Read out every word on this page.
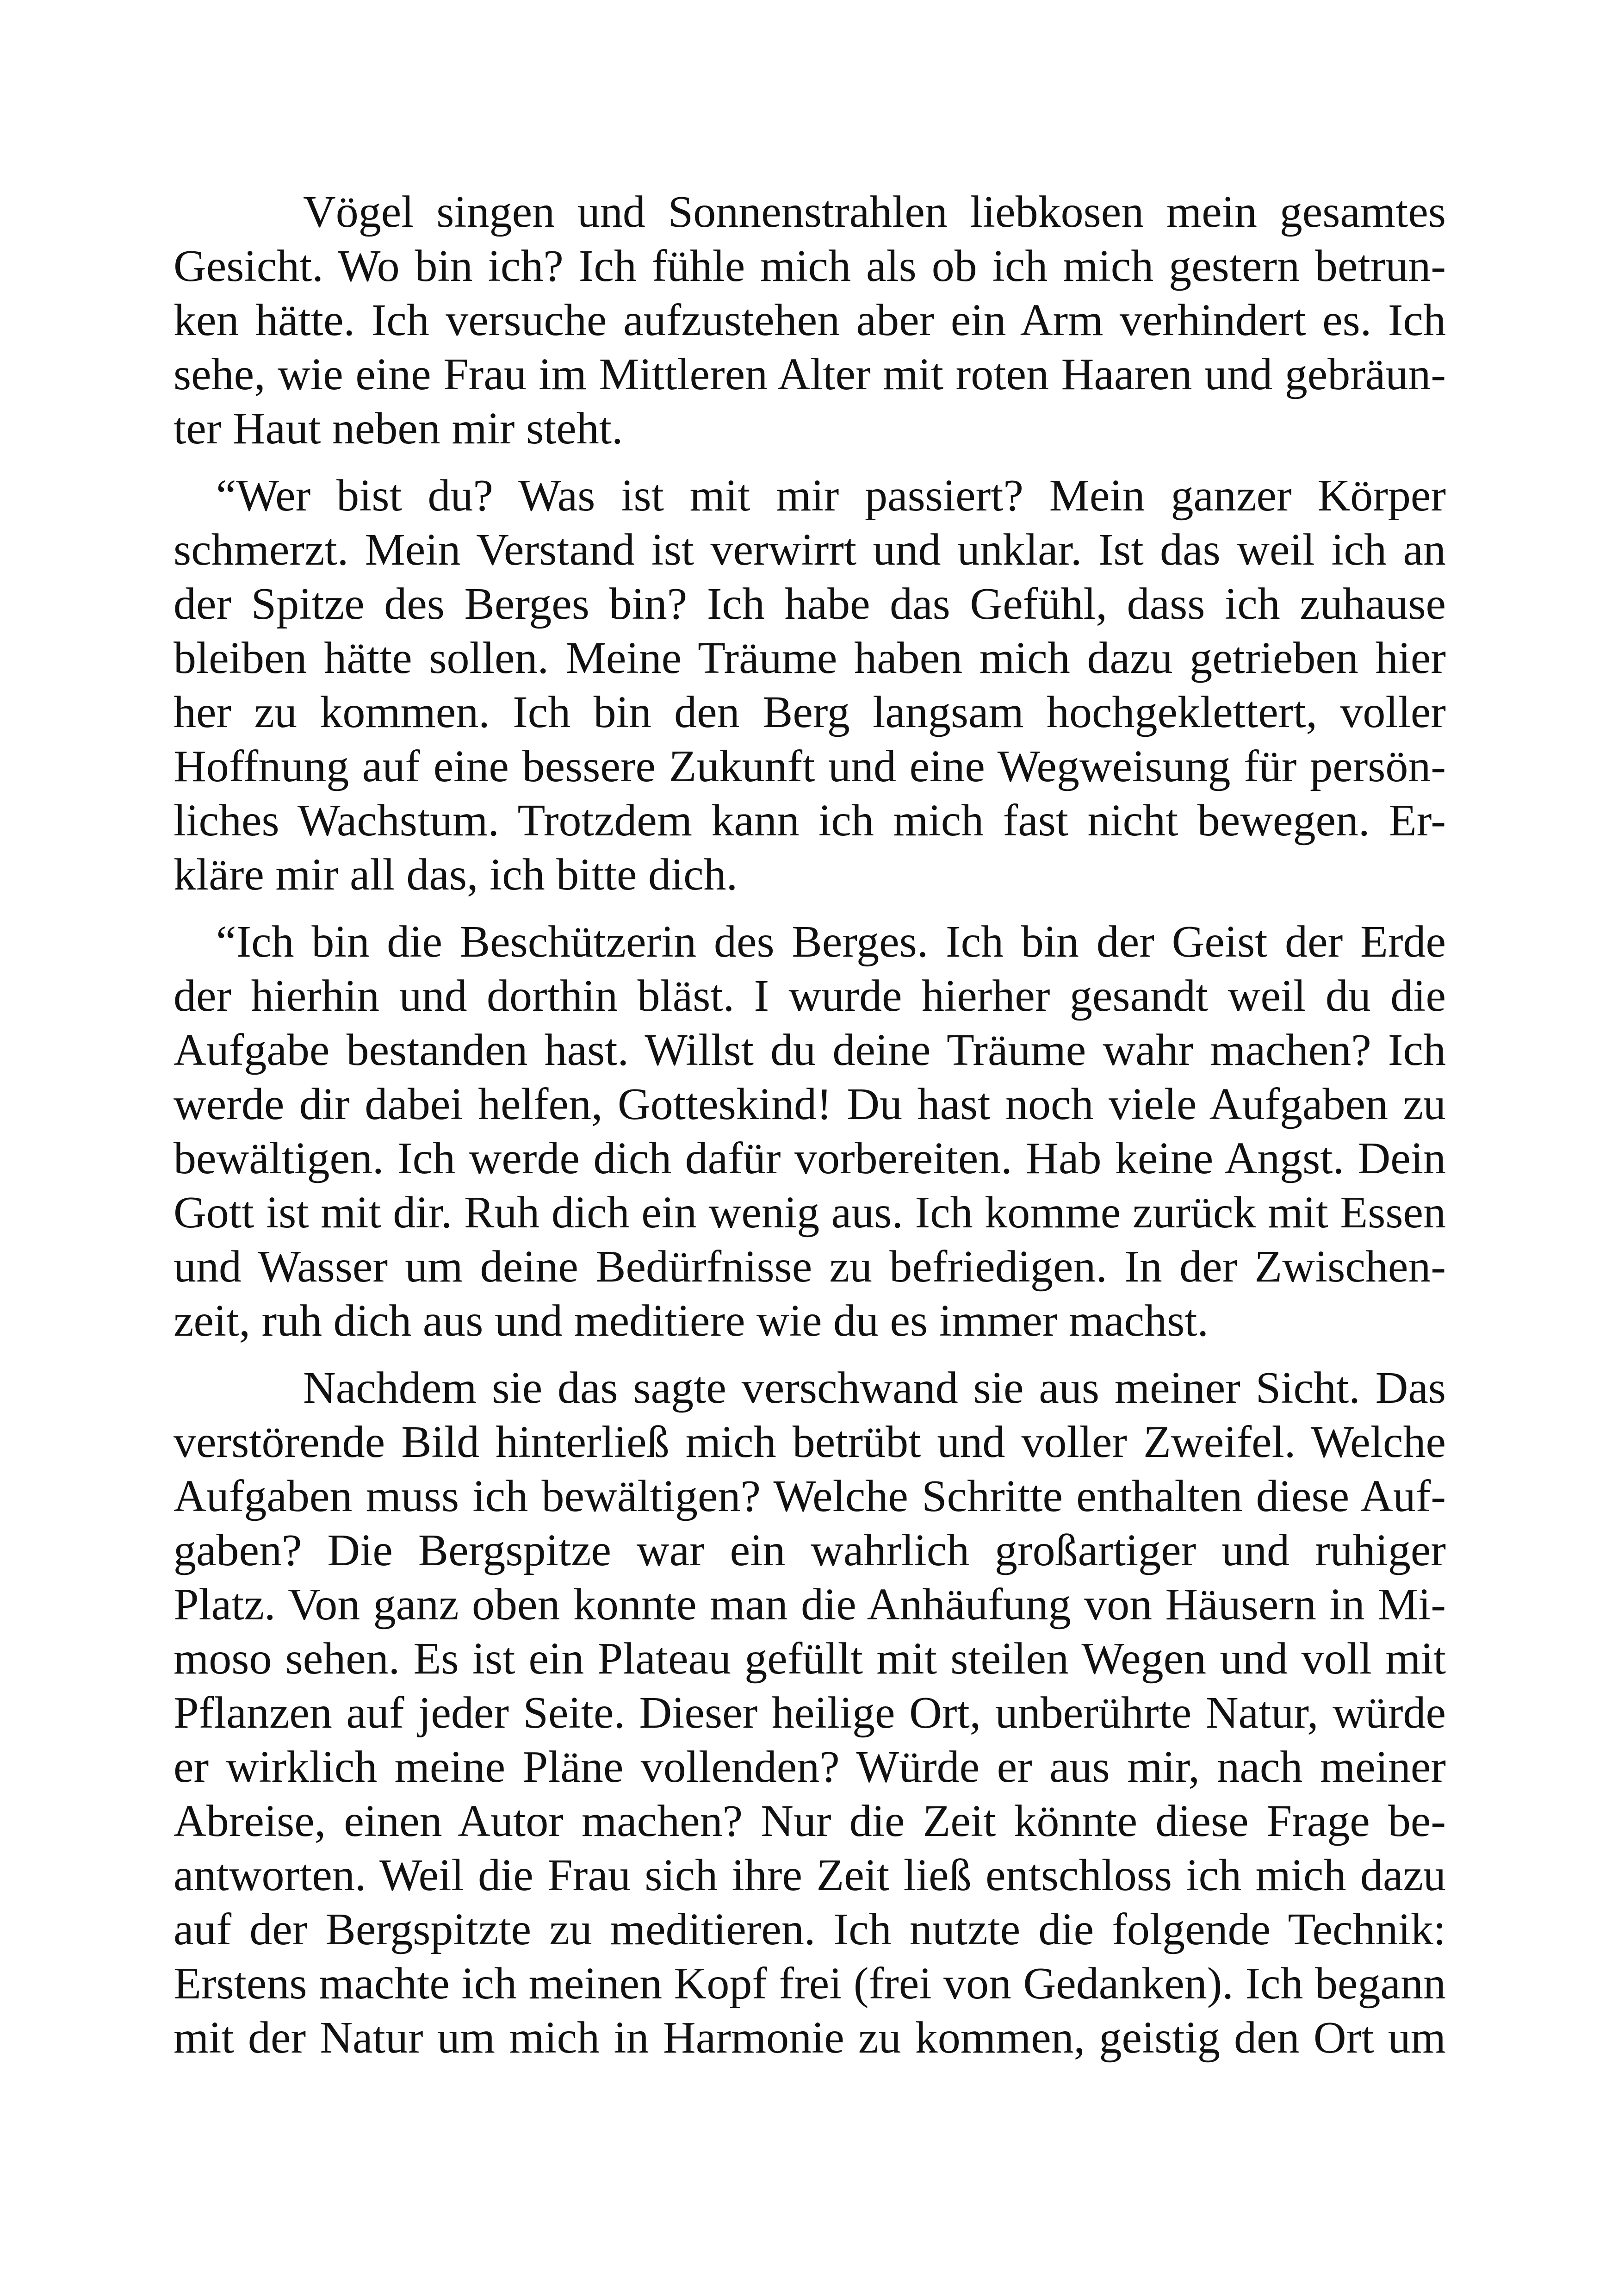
Vögel singen und Sonnenstrahlen liebkosen mein gesamtes
Gesicht. Wo bin ich? Ich fühle mich als ob ich mich gestern betrun-
ken hätte. Ich versuche aufzustehen aber ein Arm verhindert es. Ich
sehe, wie eine Frau im Mittleren Alter mit roten Haaren und gebräun-
ter Haut neben mir steht.
“Wer bist du? Was ist mit mir passiert? Mein ganzer Körper
schmerzt. Mein Verstand ist verwirrt und unklar. Ist das weil ich an
der Spitze des Berges bin? Ich habe das Gefühl, dass ich zuhause
bleiben hätte sollen. Meine Träume haben mich dazu getrieben hier
her zu kommen. Ich bin den Berg langsam hochgeklettert, voller
Hoffnung auf eine bessere Zukunft und eine Wegweisung für persön-
liches Wachstum. Trotzdem kann ich mich fast nicht bewegen. Er-
kläre mir all das, ich bitte dich.
“Ich bin die Beschützerin des Berges. Ich bin der Geist der Erde
der hierhin und dorthin bläst. I wurde hierher gesandt weil du die
Aufgabe bestanden hast. Willst du deine Träume wahr machen? Ich
werde dir dabei helfen, Gotteskind! Du hast noch viele Aufgaben zu
bewältigen. Ich werde dich dafür vorbereiten. Hab keine Angst. Dein
Gott ist mit dir. Ruh dich ein wenig aus. Ich komme zurück mit Essen
und Wasser um deine Bedürfnisse zu befriedigen. In der Zwischen-
zeit, ruh dich aus und meditiere wie du es immer machst.
Nachdem sie das sagte verschwand sie aus meiner Sicht. Das
verstörende Bild hinterließ mich betrübt und voller Zweifel. Welche
Aufgaben muss ich bewältigen? Welche Schritte enthalten diese Auf-
gaben? Die Bergspitze war ein wahrlich großartiger und ruhiger
Platz. Von ganz oben konnte man die Anhäufung von Häusern in Mi-
moso sehen. Es ist ein Plateau gefüllt mit steilen Wegen und voll mit
Pflanzen auf jeder Seite. Dieser heilige Ort, unberührte Natur, würde
er wirklich meine Pläne vollenden? Würde er aus mir, nach meiner
Abreise, einen Autor machen? Nur die Zeit könnte diese Frage be-
antworten. Weil die Frau sich ihre Zeit ließ entschloss ich mich dazu
auf der Bergspitzte zu meditieren. Ich nutzte die folgende Technik:
Erstens machte ich meinen Kopf frei (frei von Gedanken). Ich begann
mit der Natur um mich in Harmonie zu kommen, geistig den Ort um
